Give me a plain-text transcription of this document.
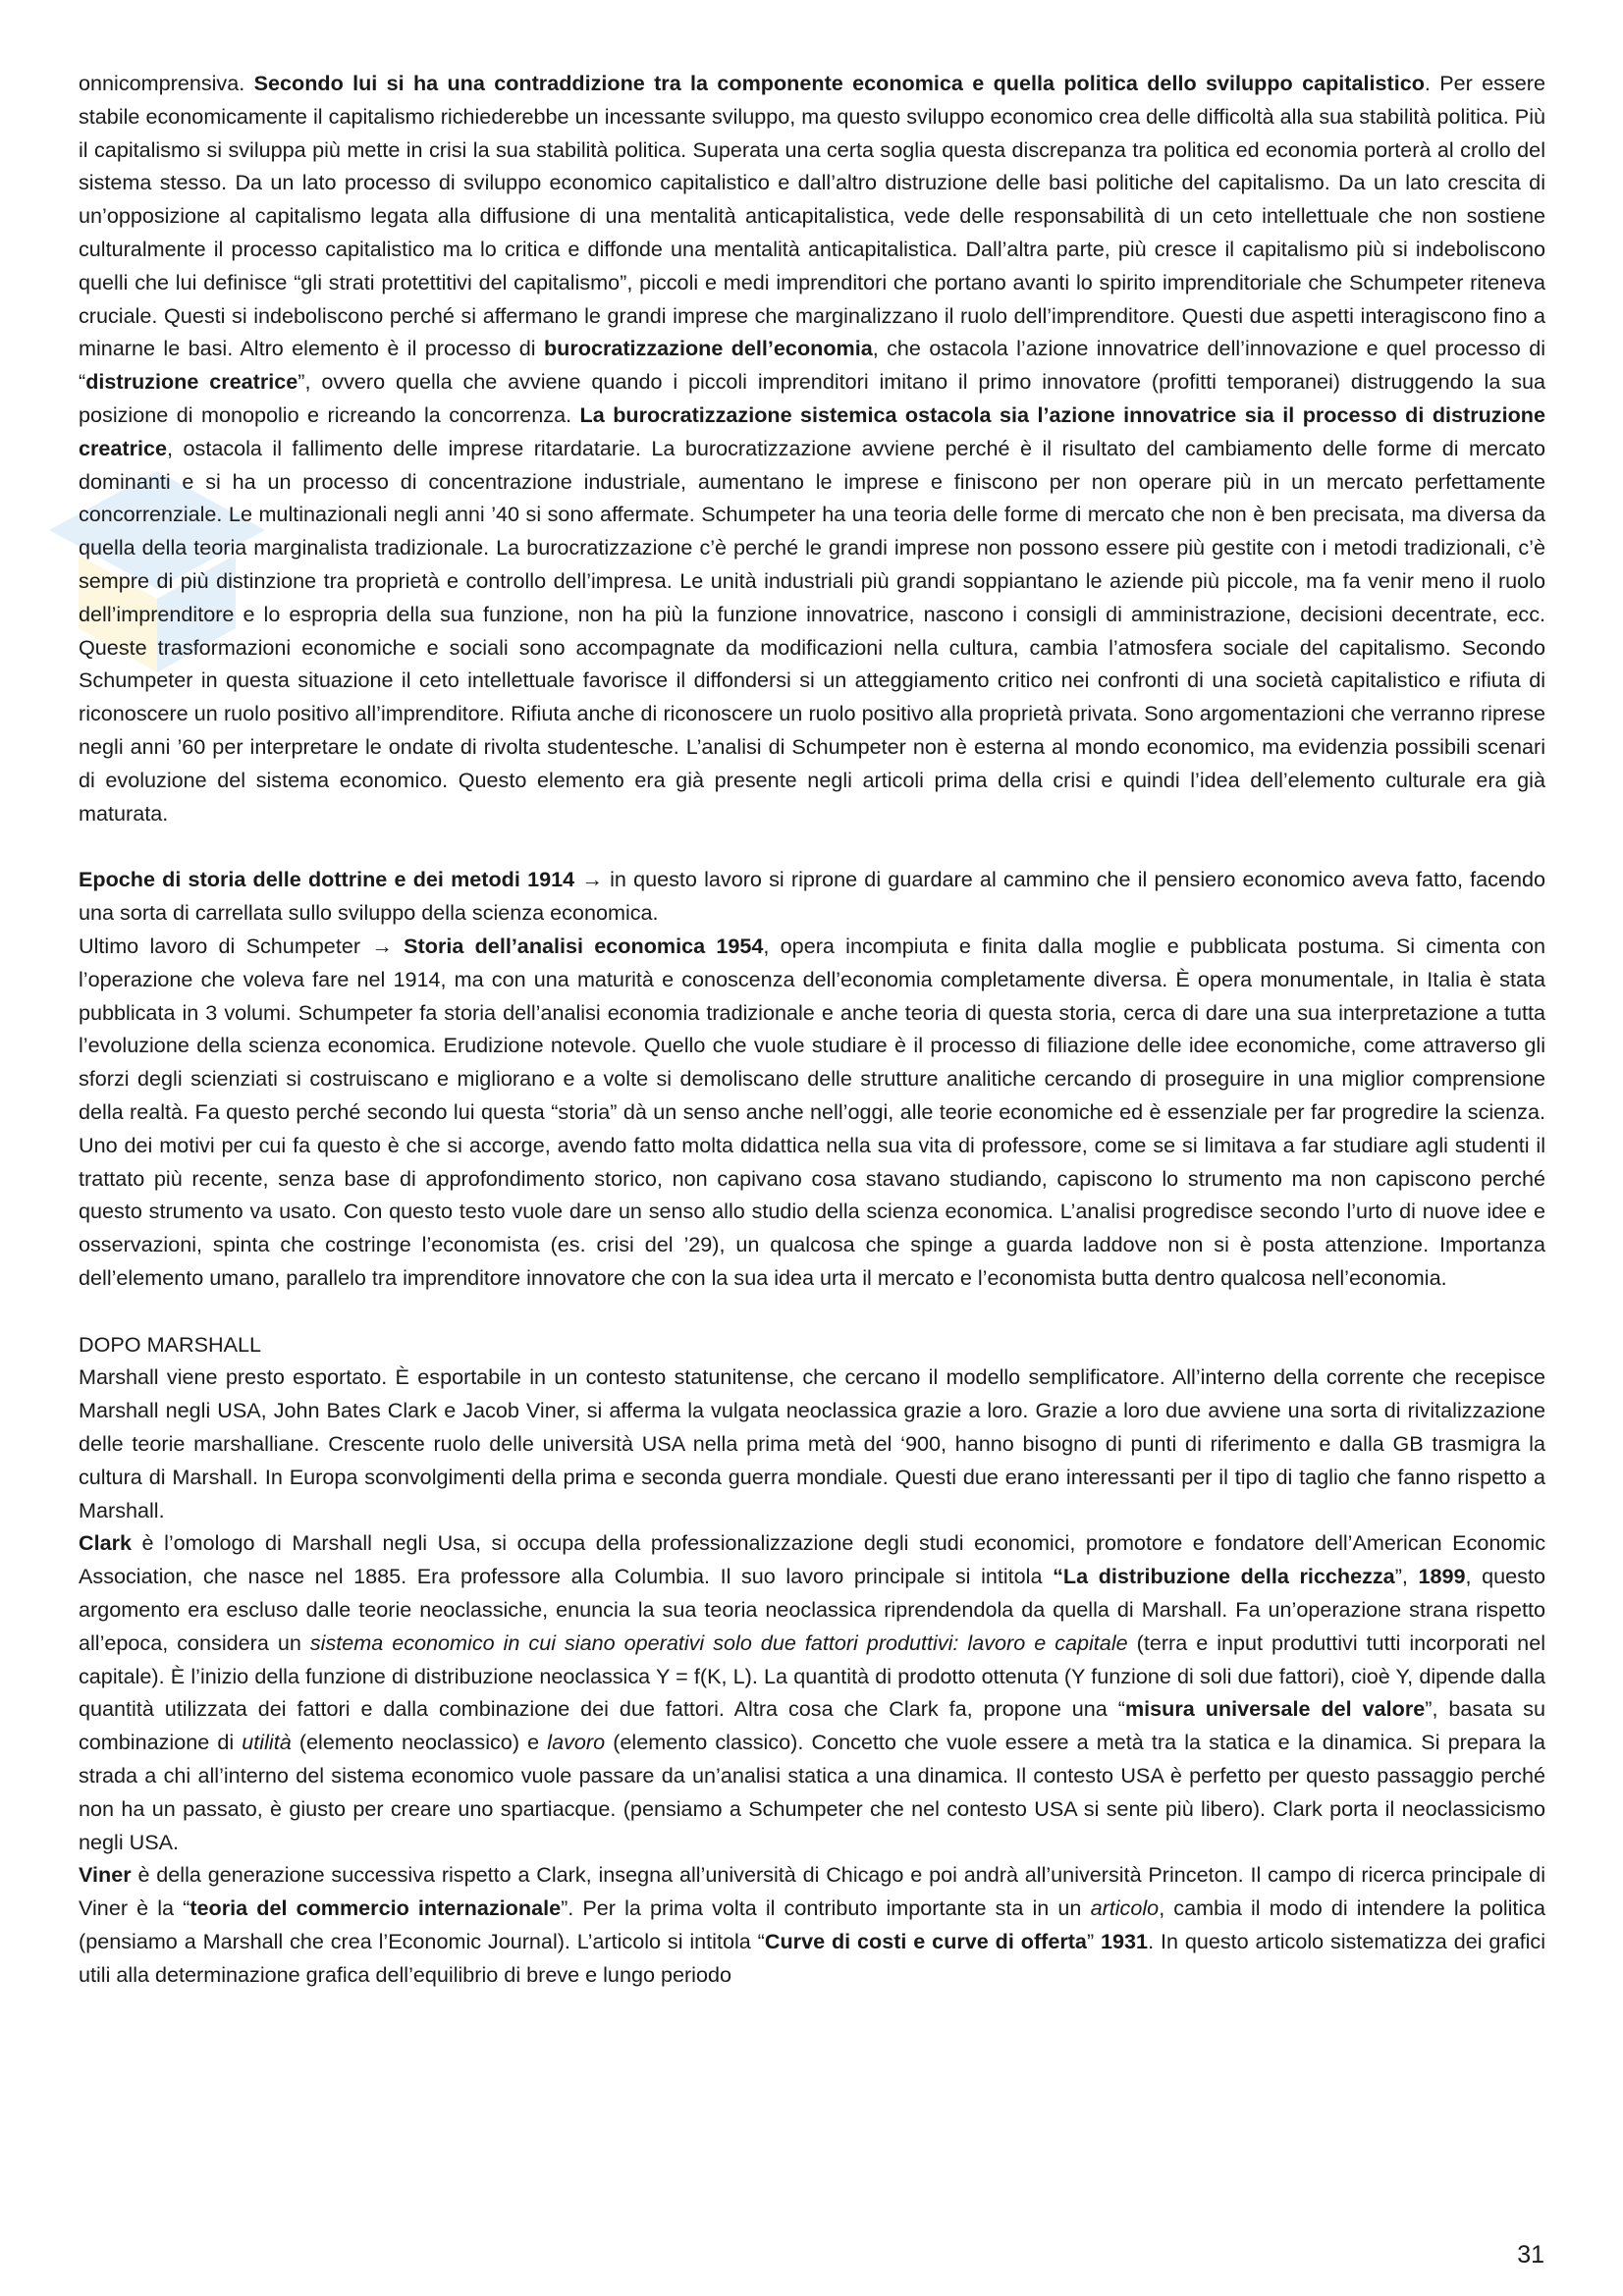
onnicomprensiva. Secondo lui si ha una contraddizione tra la componente economica e quella politica dello sviluppo capitalistico. Per essere stabile economicamente il capitalismo richiederebbe un incessante sviluppo, ma questo sviluppo economico crea delle difficoltà alla sua stabilità politica. Più il capitalismo si sviluppa più mette in crisi la sua stabilità politica. Superata una certa soglia questa discrepanza tra politica ed economia porterà al crollo del sistema stesso. Da un lato processo di sviluppo economico capitalistico e dall’altro distruzione delle basi politiche del capitalismo. Da un lato crescita di un’opposizione al capitalismo legata alla diffusione di una mentalità anticapitalistica, vede delle responsabilità di un ceto intellettuale che non sostiene culturalmente il processo capitalistico ma lo critica e diffonde una mentalità anticapitalistica. Dall’altra parte, più cresce il capitalismo più si indeboliscono quelli che lui definisce “gli strati protettitivi del capitalismo”, piccoli e medi imprenditori che portano avanti lo spirito imprenditoriale che Schumpeter riteneva cruciale. Questi si indeboliscono perché si affermano le grandi imprese che marginalizzano il ruolo dell’imprenditore. Questi due aspetti interagiscono fino a minarne le basi. Altro elemento è il processo di burocratizzazione dell’economia, che ostacola l’azione innovatrice dell’innovazione e quel processo di “distruzione creatrice”, ovvero quella che avviene quando i piccoli imprenditori imitano il primo innovatore (profitti temporanei) distruggendo la sua posizione di monopolio e ricreando la concorrenza. La burocratizzazione sistemica ostacola sia l’azione innovatrice sia il processo di distruzione creatrice, ostacola il fallimento delle imprese ritardatarie. La burocratizzazione avviene perché è il risultato del cambiamento delle forme di mercato dominanti e si ha un processo di concentrazione industriale, aumentano le imprese e finiscono per non operare più in un mercato perfettamente concorrenziale. Le multinazionali negli anni ’40 si sono affermate. Schumpeter ha una teoria delle forme di mercato che non è ben precisata, ma diversa da quella della teoria marginalista tradizionale. La burocratizzazione c’è perché le grandi imprese non possono essere più gestite con i metodi tradizionali, c’è sempre di più distinzione tra proprietà e controllo dell’impresa. Le unità industriali più grandi soppiantano le aziende più piccole, ma fa venir meno il ruolo dell’imprenditore e lo espropria della sua funzione, non ha più la funzione innovatrice, nascono i consigli di amministrazione, decisioni decentrate, ecc. Queste trasformazioni economiche e sociali sono accompagnate da modificazioni nella cultura, cambia l’atmosfera sociale del capitalismo. Secondo Schumpeter in questa situazione il ceto intellettuale favorisce il diffondersi si un atteggiamento critico nei confronti di una società capitalistico e rifiuta di riconoscere un ruolo positivo all’imprenditore. Rifiuta anche di riconoscere un ruolo positivo alla proprietà privata. Sono argomentazioni che verranno riprese negli anni ’60 per interpretare le ondate di rivolta studentesche. L’analisi di Schumpeter non è esterna al mondo economico, ma evidenzia possibili scenari di evoluzione del sistema economico. Questo elemento era già presente negli articoli prima della crisi e quindi l’idea dell’elemento culturale era già maturata.

Epoche di storia delle dottrine e dei metodi 1914 → in questo lavoro si riprone di guardare al cammino che il pensiero economico aveva fatto, facendo una sorta di carrellata sullo sviluppo della scienza economica.

Ultimo lavoro di Schumpeter → Storia dell’analisi economica 1954, opera incompiuta e finita dalla moglie e pubblicata postuma. Si cimenta con l’operazione che voleva fare nel 1914, ma con una maturità e conoscenza dell’economia completamente diversa. È opera monumentale, in Italia è stata pubblicata in 3 volumi. Schumpeter fa storia dell’analisi economia tradizionale e anche teoria di questa storia, cerca di dare una sua interpretazione a tutta l’evoluzione della scienza economica. Erudizione notevole. Quello che vuole studiare è il processo di filiazione delle idee economiche, come attraverso gli sforzi degli scienziati si costruiscano e migliorano e a volte si demoliscano delle strutture analitiche cercando di proseguire in una miglior comprensione della realtà. Fa questo perché secondo lui questa “storia” dà un senso anche nell’oggi, alle teorie economiche ed è essenziale per far progredire la scienza. Uno dei motivi per cui fa questo è che si accorge, avendo fatto molta didattica nella sua vita di professore, come se si limitava a far studiare agli studenti il trattato più recente, senza base di approfondimento storico, non capivano cosa stavano studiando, capiscono lo strumento ma non capiscono perché questo strumento va usato. Con questo testo vuole dare un senso allo studio della scienza economica. L’analisi progredisce secondo l’urto di nuove idee e osservazioni, spinta che costringe l’economista (es. crisi del ’29), un qualcosa che spinge a guarda laddove non si è posta attenzione. Importanza dell’elemento umano, parallelo tra imprenditore innovatore che con la sua idea urta il mercato e l’economista butta dentro qualcosa nell’economia.

DOPO MARSHALL

Marshall viene presto esportato. È esportabile in un contesto statunitense, che cercano il modello semplificatore. All’interno della corrente che recepisce Marshall negli USA, John Bates Clark e Jacob Viner, si afferma la vulgata neoclassica grazie a loro. Grazie a loro due avviene una sorta di rivitalizzazione delle teorie marshalliane. Crescente ruolo delle università USA nella prima metà del ‘900, hanno bisogno di punti di riferimento e dalla GB trasmigra la cultura di Marshall. In Europa sconvolgimenti della prima e seconda guerra mondiale. Questi due erano interessanti per il tipo di taglio che fanno rispetto a Marshall.

Clark è l’omologo di Marshall negli Usa, si occupa della professionalizzazione degli studi economici, promotore e fondatore dell’American Economic Association, che nasce nel 1885. Era professore alla Columbia. Il suo lavoro principale si intitola “La distribuzione della ricchezza”, 1899, questo argomento era escluso dalle teorie neoclassiche, enuncia la sua teoria neoclassica riprendendola da quella di Marshall. Fa un’operazione strana rispetto all’epoca, considera un sistema economico in cui siano operativi solo due fattori produttivi: lavoro e capitale (terra e input produttivi tutti incorporati nel capitale). È l’inizio della funzione di distribuzione neoclassica Y = f(K, L). La quantità di prodotto ottenuta (Y funzione di soli due fattori), cioè Y, dipende dalla quantità utilizzata dei fattori e dalla combinazione dei due fattori. Altra cosa che Clark fa, propone una “misura universale del valore”, basata su combinazione di utilità (elemento neoclassico) e lavoro (elemento classico). Concetto che vuole essere a metà tra la statica e la dinamica. Si prepara la strada a chi all’interno del sistema economico vuole passare da un’analisi statica a una dinamica. Il contesto USA è perfetto per questo passaggio perché non ha un passato, è giusto per creare uno spartiacque. (pensiamo a Schumpeter che nel contesto USA si sente più libero). Clark porta il neoclassicismo negli USA.

Viner è della generazione successiva rispetto a Clark, insegna all’università di Chicago e poi andrà all’università Princeton. Il campo di ricerca principale di Viner è la “teoria del commercio internazionale”. Per la prima volta il contributo importante sta in un articolo, cambia il modo di intendere la politica (pensiamo a Marshall che crea l’Economic Journal). L’articolo si intitola “Curve di costi e curve di offerta” 1931. In questo articolo sistematizza dei grafici utili alla determinazione grafica dell’equilibrio di breve e lungo periodo

31
